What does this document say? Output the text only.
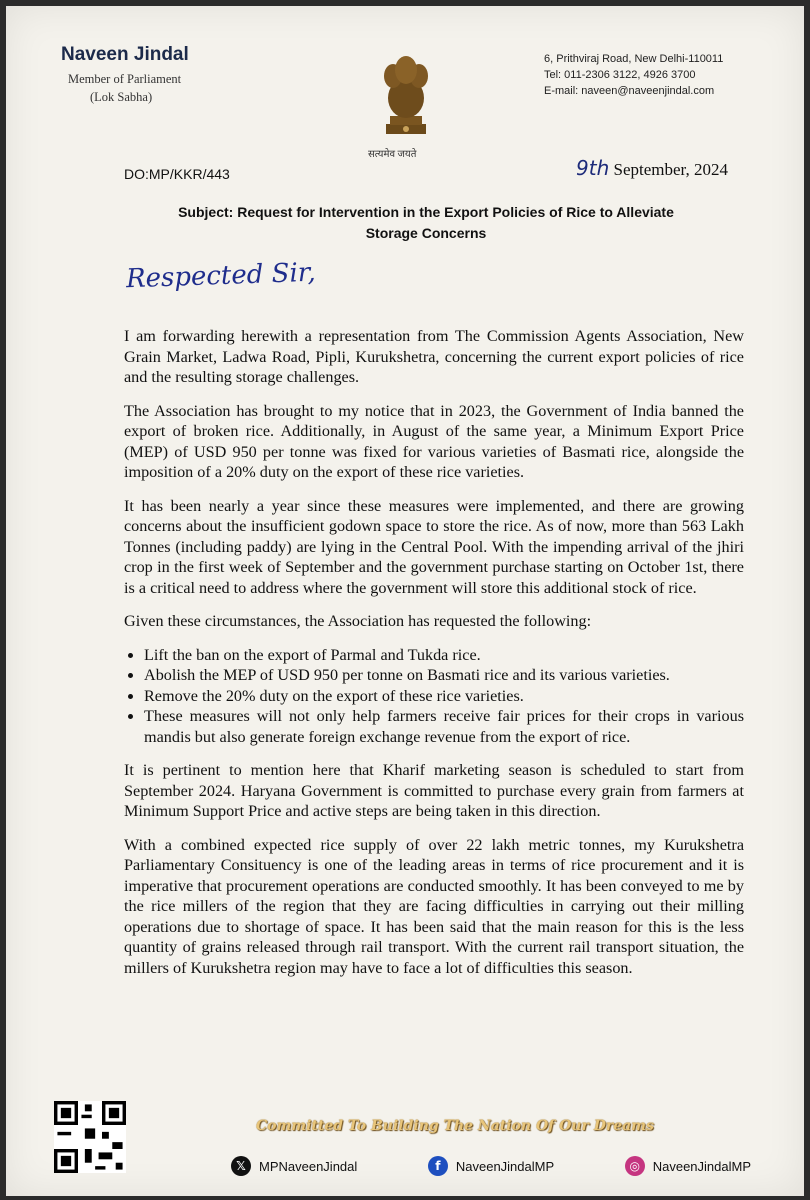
Naveen Jindal
Member of Parliament
(Lok Sabha)
सत्यमेव जयते
6, Prithviraj Road, New Delhi-110011
Tel: 011-2306 3122, 4926 3700
E-mail: naveen@naveenjindal.com
DO:MP/KKR/443	9th September, 2024
Subject: Request for Intervention in the Export Policies of Rice to Alleviate
Storage Concerns
Respected Sir,

I am forwarding herewith a representation from The Commission Agents Association, New Grain Market, Ladwa Road, Pipli, Kurukshetra, concerning the current export policies of rice and the resulting storage challenges.

The Association has brought to my notice that in 2023, the Government of India banned the export of broken rice. Additionally, in August of the same year, a Minimum Export Price (MEP) of USD 950 per tonne was fixed for various varieties of Basmati rice, alongside the imposition of a 20% duty on the export of these rice varieties.

It has been nearly a year since these measures were implemented, and there are growing concerns about the insufficient godown space to store the rice. As of now, more than 563 Lakh Tonnes (including paddy) are lying in the Central Pool. With the impending arrival of the jhiri crop in the first week of September and the government purchase starting on October 1st, there is a critical need to address where the government will store this additional stock of rice.

Given these circumstances, the Association has requested the following:

• Lift the ban on the export of Parmal and Tukda rice.
• Abolish the MEP of USD 950 per tonne on Basmati rice and its various varieties.
• Remove the 20% duty on the export of these rice varieties.
• These measures will not only help farmers receive fair prices for their crops in various mandis but also generate foreign exchange revenue from the export of rice.

It is pertinent to mention here that Kharif marketing season is scheduled to start from September 2024. Haryana Government is committed to purchase every grain from farmers at Minimum Support Price and active steps are being taken in this direction.

With a combined expected rice supply of over 22 lakh metric tonnes, my Kurukshetra Parliamentary Consituency is one of the leading areas in terms of rice procurement and it is imperative that procurement operations are conducted smoothly. It has been conveyed to me by the rice millers of the region that they are facing difficulties in carrying out their milling operations due to shortage of space. It has been said that the main reason for this is the less quantity of grains released through rail transport. With the current rail transport situation, the millers of Kurukshetra region may have to face a lot of difficulties this season.

Committed To Building The Nation Of Our Dreams
𝕏	MPNaveenJindal	f	NaveenJindalMP	◎ NaveenJindalMP
